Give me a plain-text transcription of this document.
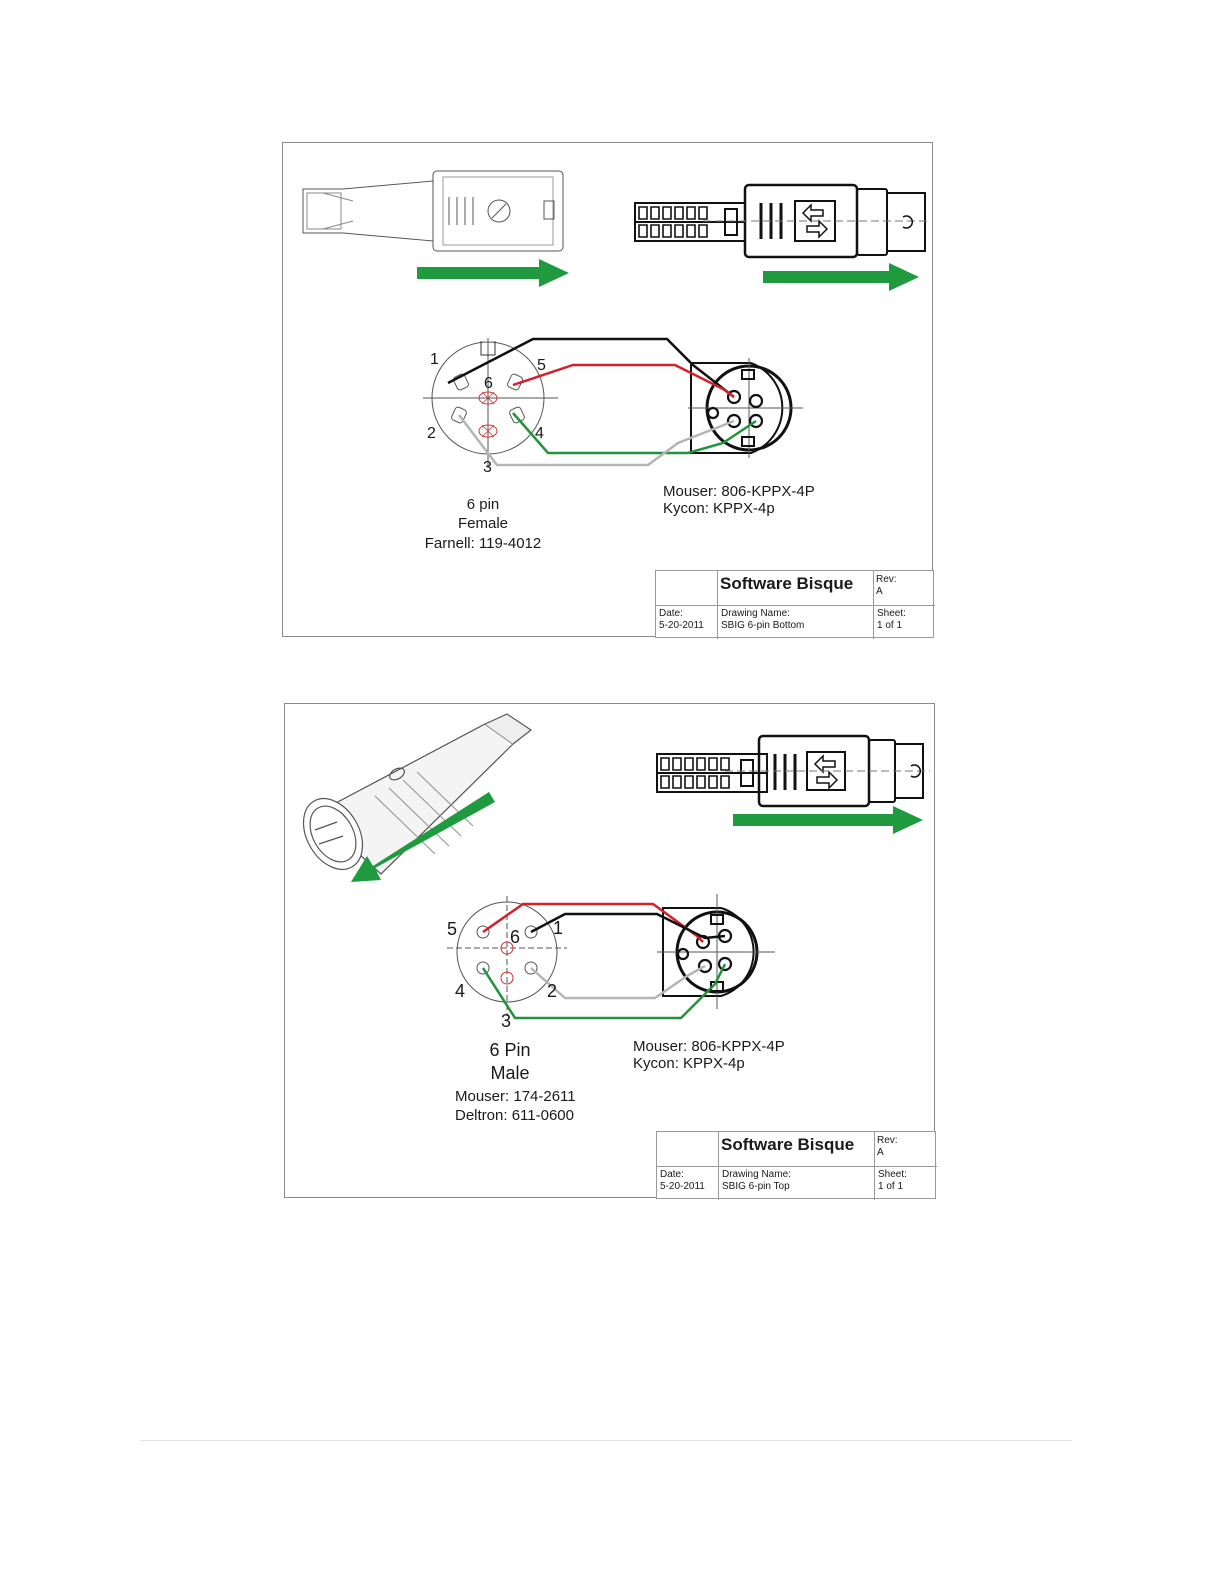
1	5
6
2	4
3
6 pin
Female
Farnell: 119-4012
Mouser: 806-KPPX-4P
Kycon: KPPX-4p
Software Bisque Rev:
A
Date:
5-20-2011
Drawing Name:
SBIG 6-pin Bottom
Sheet:
1 of 1
5	6 1
4	2
3
6 Pin
Male
Mouser: 174-2611
Deltron: 611-0600
Mouser: 806-KPPX-4P
Kycon: KPPX-4p
Software Bisque Rev:
A
Date:
5-20-2011
Drawing Name:
SBIG 6-pin Top
Sheet:
1 of 1
